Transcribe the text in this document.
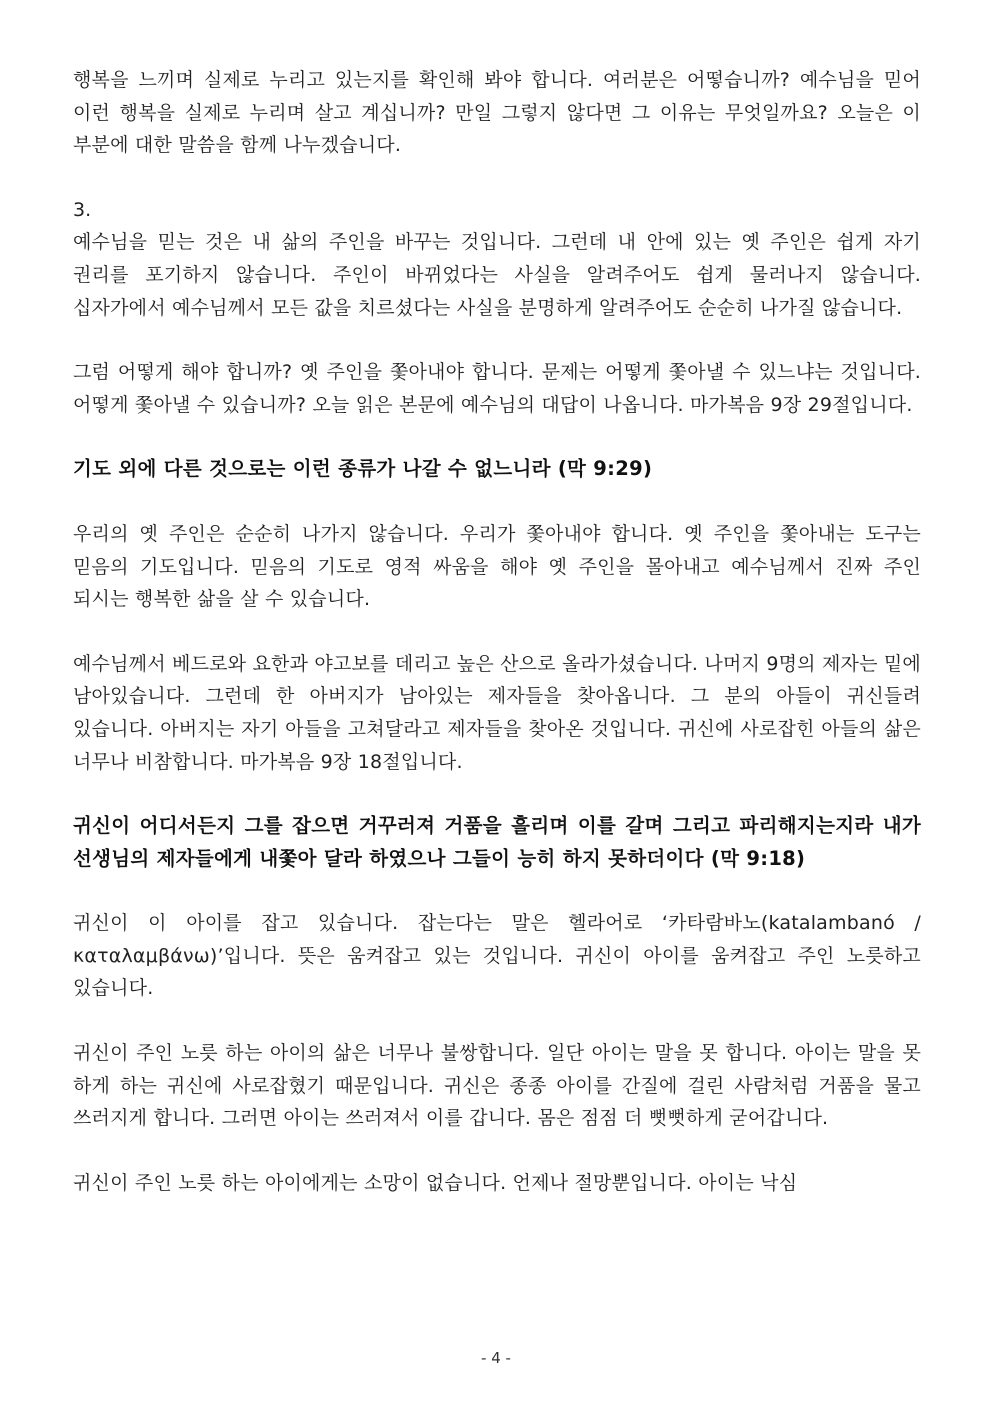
행복을 느끼며 실제로 누리고 있는지를 확인해 봐야 합니다. 여러분은 어떻습니까? 예수님을 믿어 이런 행복을 실제로 누리며 살고 계십니까? 만일 그렇지 않다면 그 이유는 무엇일까요? 오늘은 이 부분에 대한 말씀을 함께 나누겠습니다.

3.

예수님을 믿는 것은 내 삶의 주인을 바꾸는 것입니다. 그런데 내 안에 있는 옛 주인은 쉽게 자기 권리를 포기하지 않습니다. 주인이 바뀌었다는 사실을 알려주어도 쉽게 물러나지 않습니다. 십자가에서 예수님께서 모든 값을 치르셨다는 사실을 분명하게 알려주어도 순순히 나가질 않습니다.

그럼 어떻게 해야 합니까? 옛 주인을 쫓아내야 합니다. 문제는 어떻게 쫓아낼 수 있느냐는 것입니다. 어떻게 쫓아낼 수 있습니까? 오늘 읽은 본문에 예수님의 대답이 나옵니다. 마가복음 9장 29절입니다.

기도 외에 다른 것으로는 이런 종류가 나갈 수 없느니라 (막 9:29)

우리의 옛 주인은 순순히 나가지 않습니다. 우리가 쫓아내야 합니다. 옛 주인을 쫓아내는 도구는 믿음의 기도입니다. 믿음의 기도로 영적 싸움을 해야 옛 주인을 몰아내고 예수님께서 진짜 주인 되시는 행복한 삶을 살 수 있습니다.

예수님께서 베드로와 요한과 야고보를 데리고 높은 산으로 올라가셨습니다. 나머지 9명의 제자는 밑에 남아있습니다. 그런데 한 아버지가 남아있는 제자들을 찾아옵니다. 그 분의 아들이 귀신들려 있습니다. 아버지는 자기 아들을 고쳐달라고 제자들을 찾아온 것입니다. 귀신에 사로잡힌 아들의 삶은 너무나 비참합니다. 마가복음 9장 18절입니다.

귀신이 어디서든지 그를 잡으면 거꾸러져 거품을 흘리며 이를 갈며 그리고 파리해지는지라 내가 선생님의 제자들에게 내쫓아 달라 하였으나 그들이 능히 하지 못하더이다 (막 9:18)

귀신이 이 아이를 잡고 있습니다. 잡는다는 말은 헬라어로 ‘카타람바노(katalambanó / καταλαμβάνω)’입니다. 뜻은 움켜잡고 있는 것입니다. 귀신이 아이를 움켜잡고 주인 노릇하고 있습니다.

귀신이 주인 노릇 하는 아이의 삶은 너무나 불쌍합니다. 일단 아이는 말을 못 합니다. 아이는 말을 못 하게 하는 귀신에 사로잡혔기 때문입니다. 귀신은 종종 아이를 간질에 걸린 사람처럼 거품을 물고 쓰러지게 합니다. 그러면 아이는 쓰러져서 이를 갑니다. 몸은 점점 더 뻣뻣하게 굳어갑니다.

귀신이 주인 노릇 하는 아이에게는 소망이 없습니다. 언제나 절망뿐입니다. 아이는 낙심

- 4 -
